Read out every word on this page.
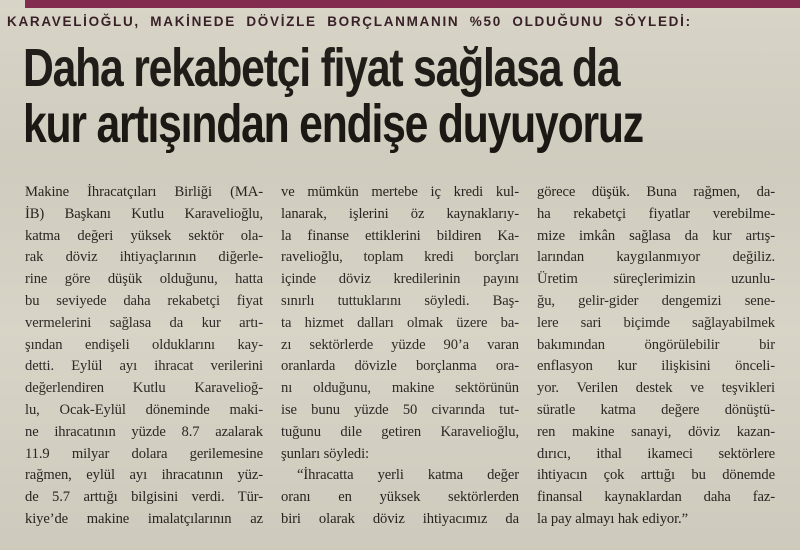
KARAVELİOĞLU, MAKİNEDE DÖVİZLE BORÇLANMANIN %50 OLDUĞUNU SÖYLEDİ:
Daha rekabetçi fiyat sağlasa da
kur artışından endişe duyuyoruz
Makine İhracatçıları Birliği (MA-
İB) Başkanı Kutlu Karavelioğlu,
katma değeri yüksek sektör ola-
rak döviz ihtiyaçlarının diğerle-
rine göre düşük olduğunu, hatta
bu seviyede daha rekabetçi fiyat
vermelerini sağlasa da kur artı-
şından endişeli olduklarını kay-
detti. Eylül ayı ihracat verilerini
değerlendiren Kutlu Karavelioğ-
lu, Ocak-Eylül döneminde maki-
ne ihracatının yüzde 8.7 azalarak
11.9 milyar dolara gerilemesine
rağmen, eylül ayı ihracatının yüz-
de 5.7 arttığı bilgisini verdi. Tür-
kiye’de makine imalatçılarının az
ve mümkün mertebe iç kredi kul-
lanarak, işlerini öz kaynaklarıy-
la finanse ettiklerini bildiren Ka-
ravelioğlu, toplam kredi borçları
içinde döviz kredilerinin payını
sınırlı tuttuklarını söyledi. Baş-
ta hizmet dalları olmak üzere ba-
zı sektörlerde yüzde 90’a varan
oranlarda dövizle borçlanma ora-
nı olduğunu, makine sektörünün
ise bunu yüzde 50 civarında tut-
tuğunu dile getiren Karavelioğlu,
şunları söyledi:
“İhracatta yerli katma değer
oranı en yüksek sektörlerden
biri olarak döviz ihtiyacımız da
görece düşük. Buna rağmen, da-
ha rekabetçi fiyatlar verebilme-
mize imkân sağlasa da kur artış-
larından kaygılanmıyor değiliz.
Üretim süreçlerimizin uzunlu-
ğu, gelir-gider dengemizi sene-
lere sari biçimde sağlayabilmek
bakımından öngörülebilir bir
enflasyon kur ilişkisini önceli-
yor. Verilen destek ve teşvikleri
süratle katma değere dönüştü-
ren makine sanayi, döviz kazan-
dırıcı, ithal ikameci sektörlere
ihtiyacın çok arttığı bu dönemde
finansal kaynaklardan daha faz-
la pay almayı hak ediyor.”
